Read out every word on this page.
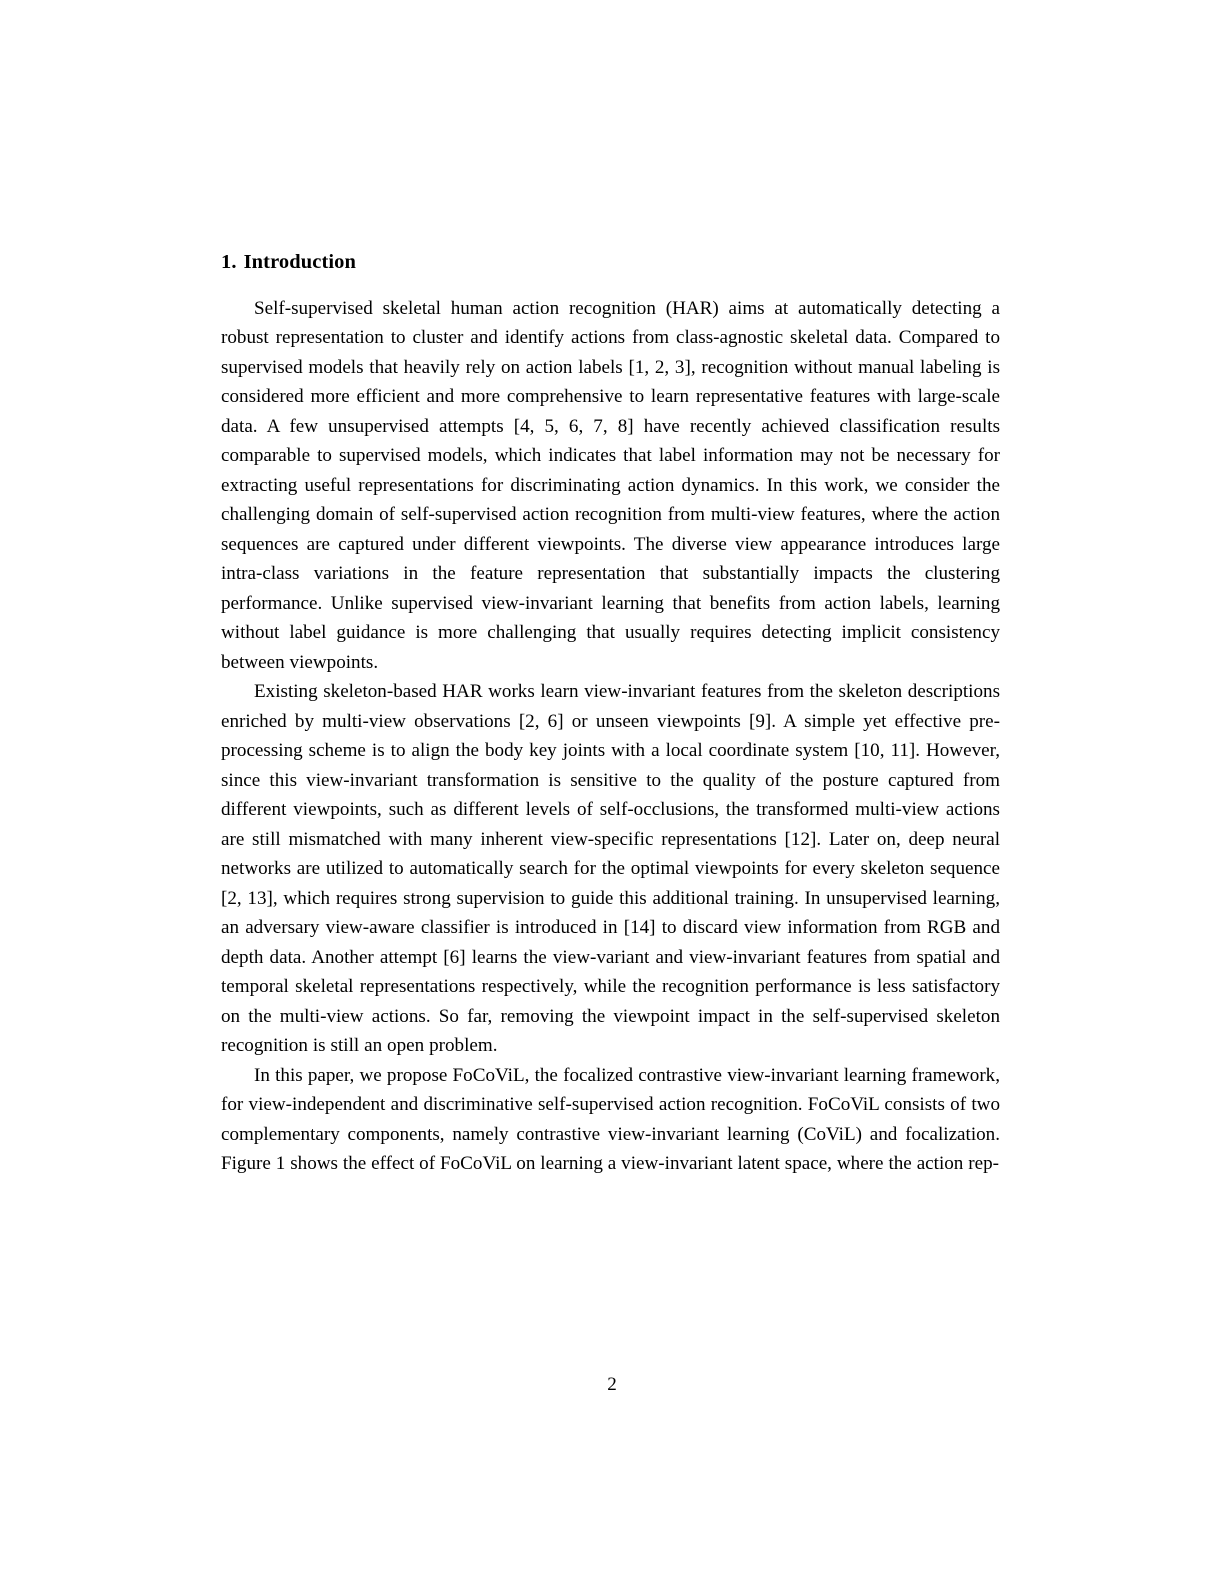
1. Introduction

Self-supervised skeletal human action recognition (HAR) aims at automatically detecting a robust representation to cluster and identify actions from class-agnostic skeletal data. Compared to supervised models that heavily rely on action labels [1, 2, 3], recognition without manual labeling is considered more efficient and more comprehensive to learn representative features with large-scale data. A few unsupervised attempts [4, 5, 6, 7, 8] have recently achieved classification results comparable to supervised models, which indicates that label information may not be necessary for extracting useful representations for discriminating action dynamics. In this work, we consider the challenging domain of self-supervised action recognition from multi-view features, where the action sequences are captured under different viewpoints. The diverse view appearance introduces large intra-class variations in the feature representation that substantially impacts the clustering performance. Unlike supervised view-invariant learning that benefits from action labels, learning without label guidance is more challenging that usually requires detecting implicit consistency between viewpoints.

Existing skeleton-based HAR works learn view-invariant features from the skeleton descriptions enriched by multi-view observations [2, 6] or unseen viewpoints [9]. A simple yet effective pre-processing scheme is to align the body key joints with a local coordinate system [10, 11]. However, since this view-invariant transformation is sensitive to the quality of the posture captured from different viewpoints, such as different levels of self-occlusions, the transformed multi-view actions are still mismatched with many inherent view-specific representations [12]. Later on, deep neural networks are utilized to automatically search for the optimal viewpoints for every skeleton sequence [2, 13], which requires strong supervision to guide this additional training. In unsupervised learning, an adversary view-aware classifier is introduced in [14] to discard view information from RGB and depth data. Another attempt [6] learns the view-variant and view-invariant features from spatial and temporal skeletal representations respectively, while the recognition performance is less satisfactory on the multi-view actions. So far, removing the viewpoint impact in the self-supervised skeleton recognition is still an open problem.

In this paper, we propose FoCoViL, the focalized contrastive view-invariant learning framework, for view-independent and discriminative self-supervised action recognition. FoCoViL consists of two complementary components, namely contrastive view-invariant learning (CoViL) and focalization. Figure 1 shows the effect of FoCoViL on learning a view-invariant latent space, where the action rep-

2
